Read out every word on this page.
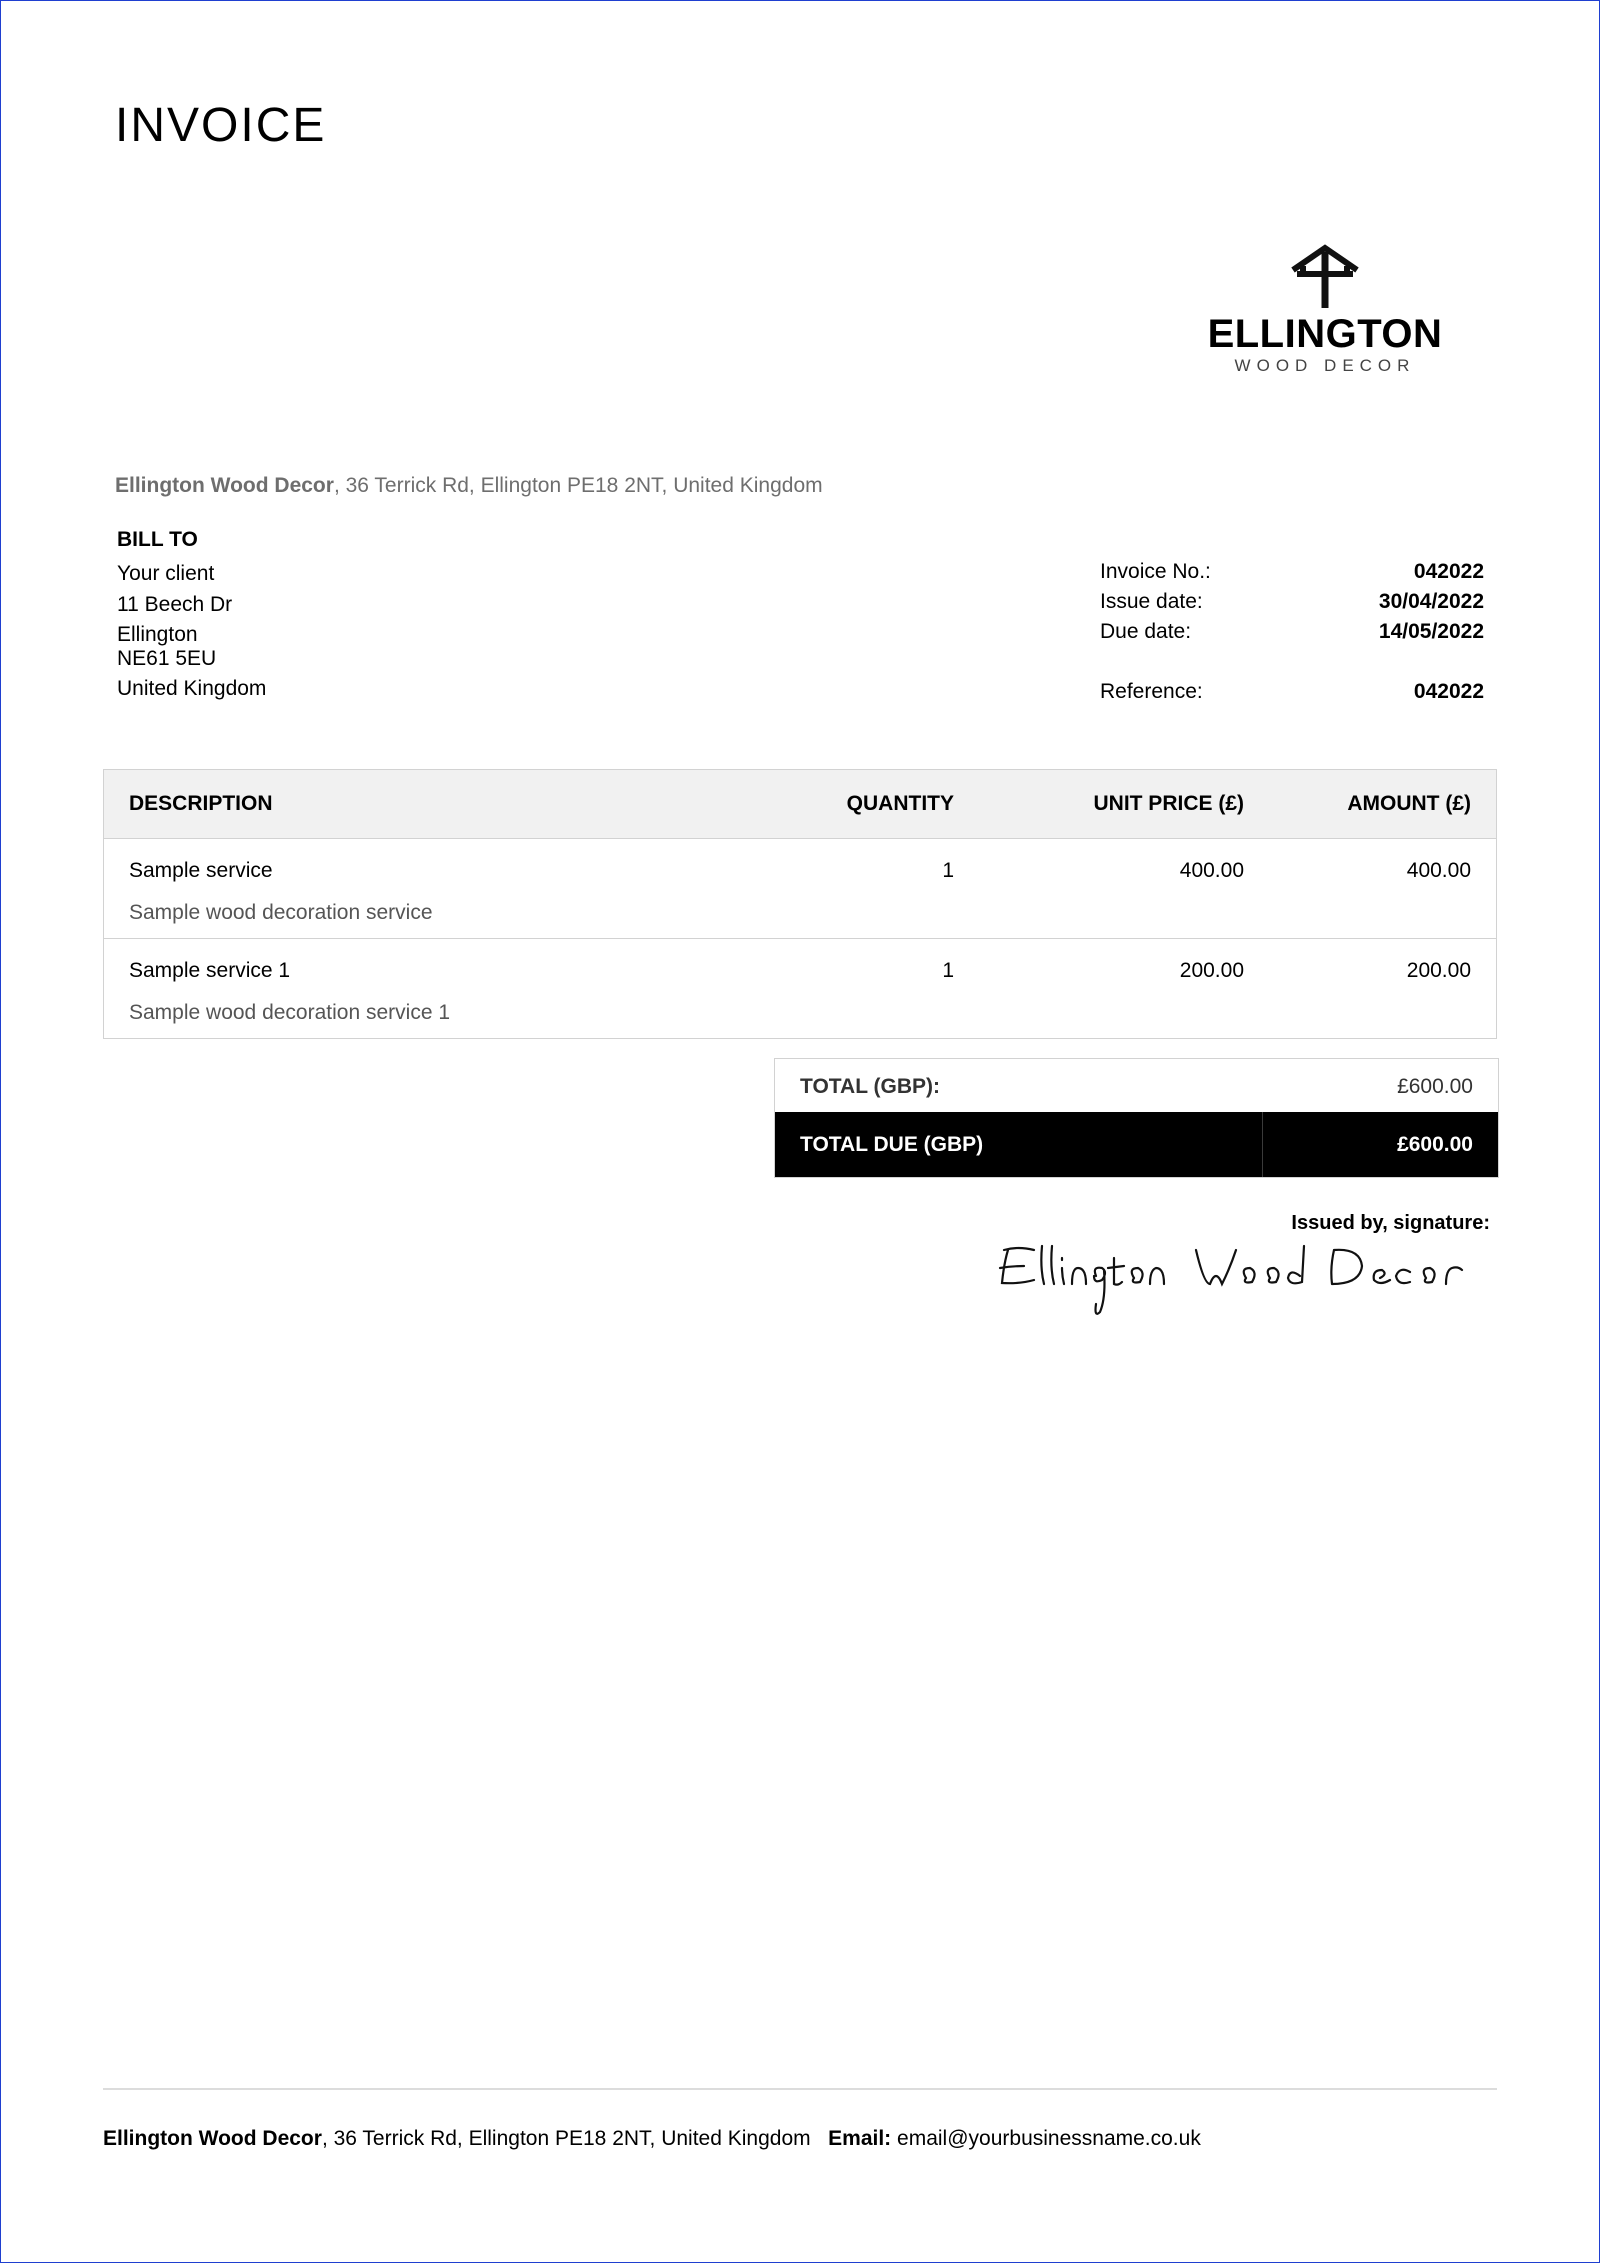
INVOICE
ELLINGTON
WOOD DECOR
Ellington Wood Decor, 36 Terrick Rd, Ellington PE18 2NT, United Kingdom
BILL TO
Your client
11 Beech Dr
Ellington
NE61 5EU
United Kingdom
Invoice No.:	042022
Issue date:	30/04/2022
Due date:	14/05/2022
Reference:	042022
DESCRIPTION	QUANTITY	UNIT PRICE (£)	AMOUNT (£)

Sample service
Sample wood decoration service	1	400.00	400.00

Sample service 1
Sample wood decoration service 1	1	200.00	200.00
TOTAL (GBP):	£600.00
TOTAL DUE (GBP)	£600.00
Issued by, signature:
Ellington Wood Decor, 36 Terrick Rd, Ellington PE18 2NT, United Kingdom Email: email@yourbusinessname.co.uk
